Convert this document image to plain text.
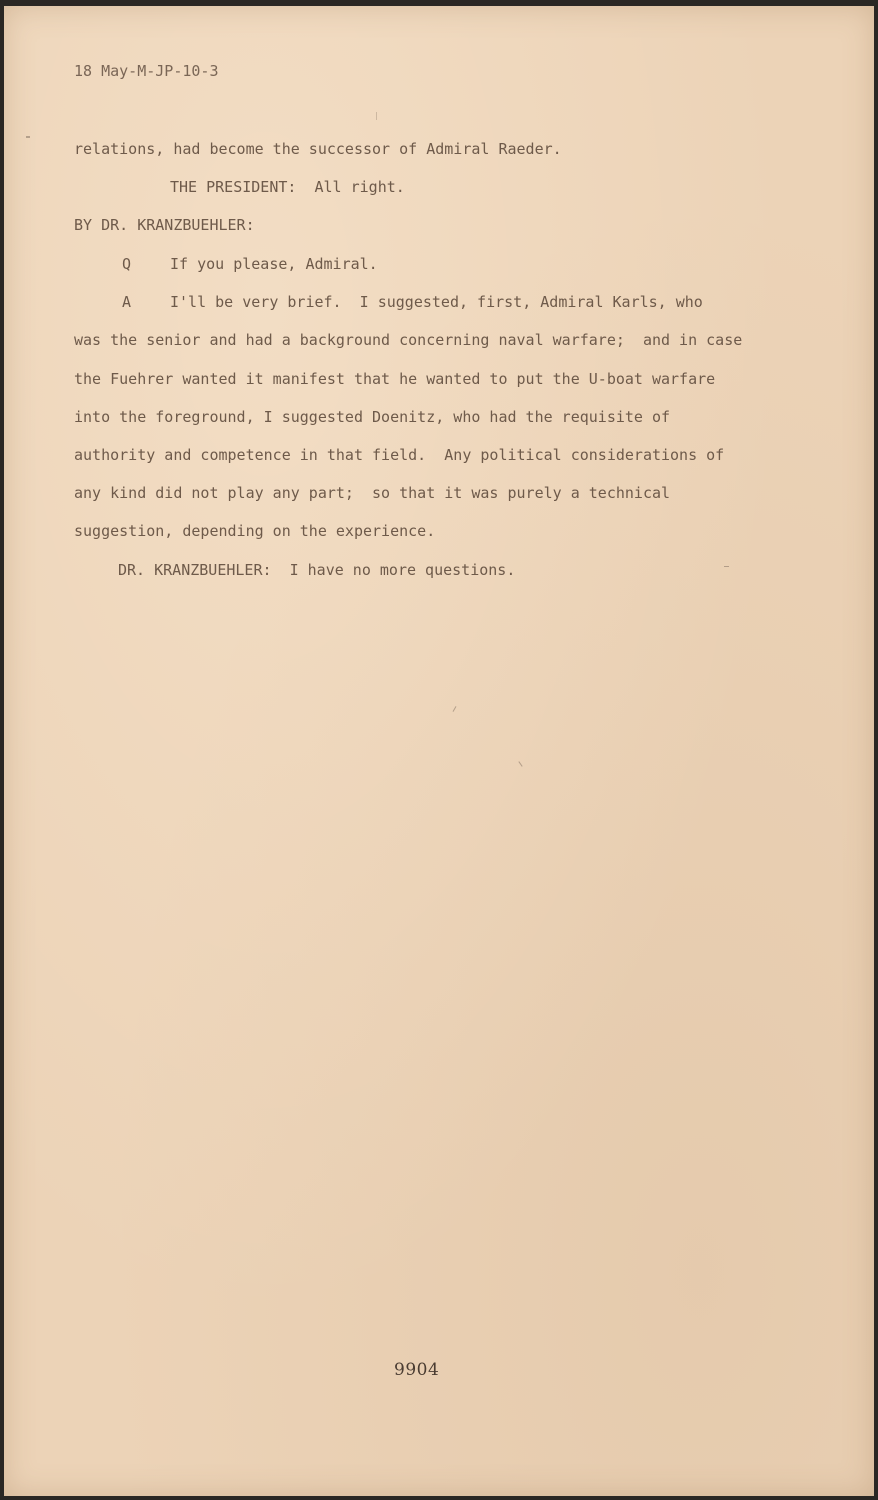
18 May-M-JP-10-3
relations, had become the successor of Admiral Raeder.
THE PRESIDENT:  All right.
BY DR. KRANZBUEHLER:
Q	If you please, Admiral.
A	I'll be very brief.  I suggested, first, Admiral Karls, who
was the senior and had a background concerning naval warfare;  and in case
the Fuehrer wanted it manifest that he wanted to put the U-boat warfare
into the foreground, I suggested Doenitz, who had the requisite of
authority and competence in that field.  Any political considerations of
any kind did not play any part;  so that it was purely a technical
suggestion, depending on the experience.
DR. KRANZBUEHLER:  I have no more questions.
9904
